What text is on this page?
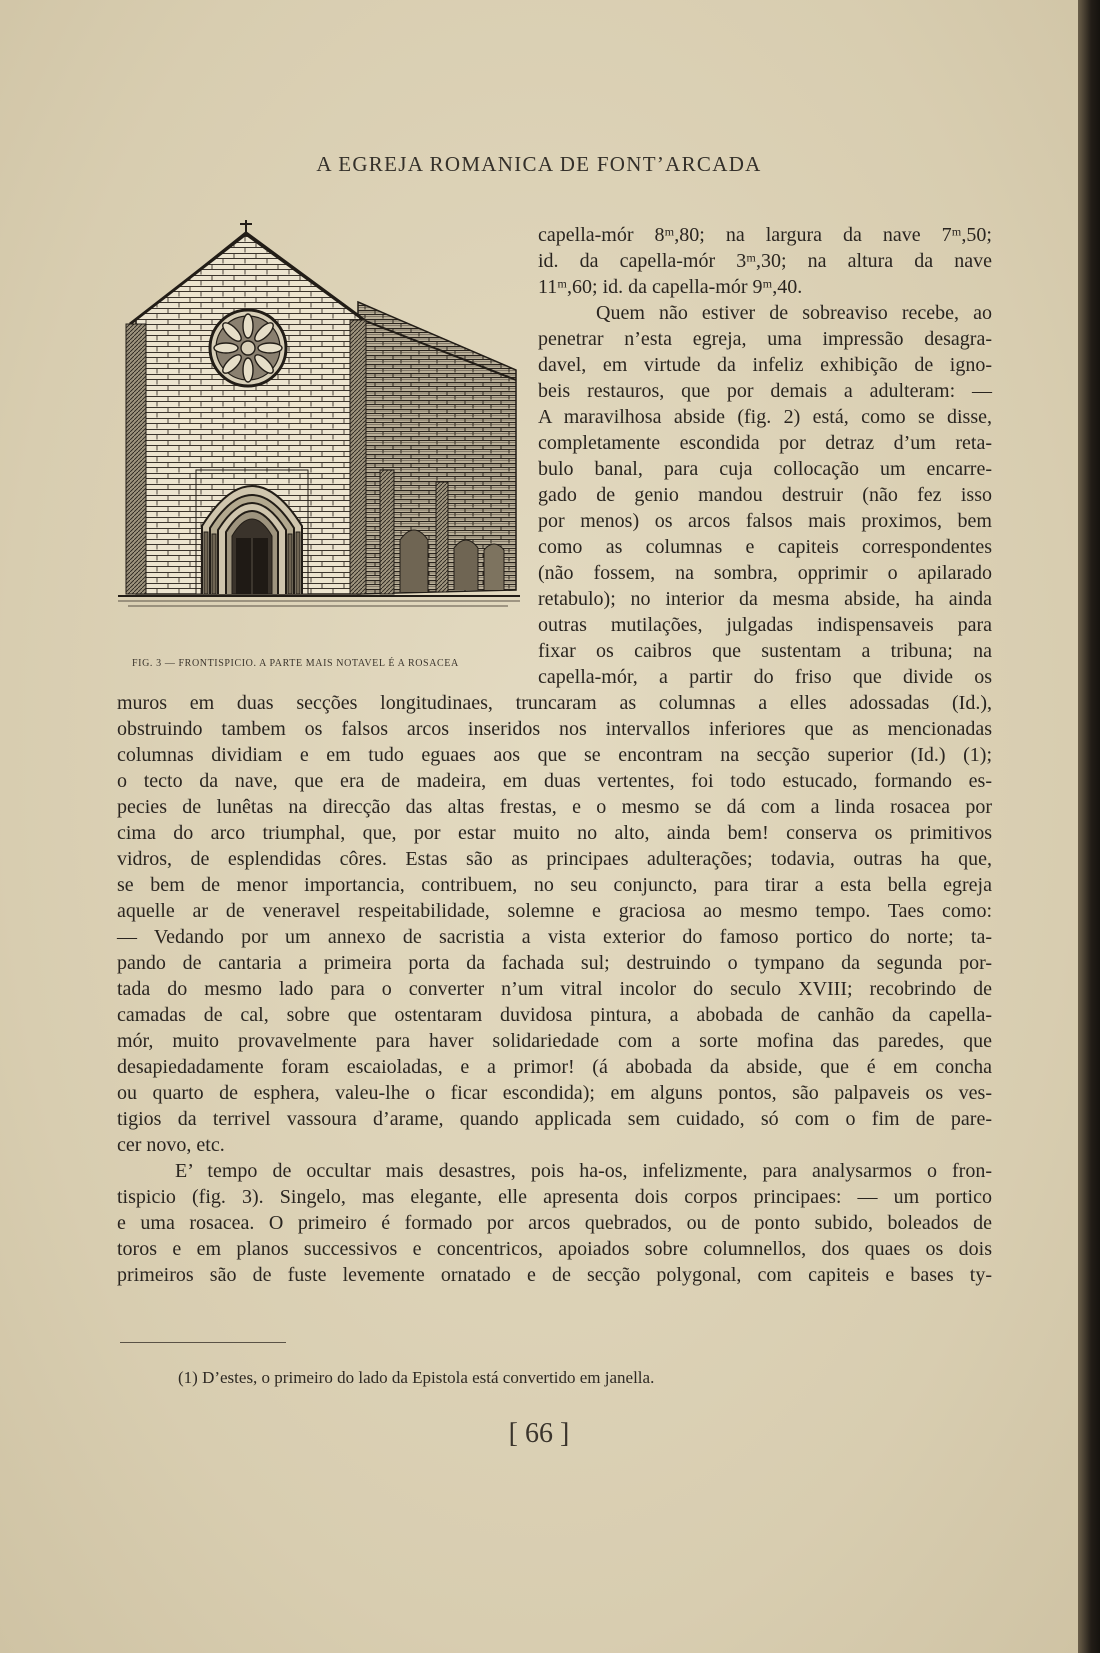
A EGREJA ROMANICA DE FONT’ARCADA
FIG. 3 — FRONTISPICIO. A PARTE MAIS NOTAVEL É A ROSACEA
capella-mór 8ᵐ,80; na largura da nave 7ᵐ,50;
id. da capella-mór 3ᵐ,30; na altura da nave
11ᵐ,60; id. da capella-mór 9ᵐ,40.
Quem não estiver de sobreaviso recebe, ao
penetrar n’esta egreja, uma impressão desagra-
davel, em virtude da infeliz exhibição de igno-
beis restauros, que por demais a adulteram: —
A maravilhosa abside (fig. 2) está, como se disse,
completamente escondida por detraz d’um reta-
bulo banal, para cuja collocação um encarre-
gado de genio mandou destruir (não fez isso
por menos) os arcos falsos mais proximos, bem
como as columnas e capiteis correspondentes
(não fossem, na sombra, opprimir o apilarado
retabulo); no interior da mesma abside, ha ainda
outras mutilações, julgadas indispensaveis para
fixar os caibros que sustentam a tribuna; na
capella-mór, a partir do friso que divide os
muros em duas secções longitudinaes, truncaram as columnas a elles adossadas (Id.),
obstruindo tambem os falsos arcos inseridos nos intervallos inferiores que as mencionadas
columnas dividiam e em tudo eguaes aos que se encontram na secção superior (Id.) (1);
o tecto da nave, que era de madeira, em duas vertentes, foi todo estucado, formando es-
pecies de lunêtas na direcção das altas frestas, e o mesmo se dá com a linda rosacea por
cima do arco triumphal, que, por estar muito no alto, ainda bem! conserva os primitivos
vidros, de esplendidas côres. Estas são as principaes adulterações; todavia, outras ha que,
se bem de menor importancia, contribuem, no seu conjuncto, para tirar a esta bella egreja
aquelle ar de veneravel respeitabilidade, solemne e graciosa ao mesmo tempo. Taes como:
— Vedando por um annexo de sacristia a vista exterior do famoso portico do norte; ta-
pando de cantaria a primeira porta da fachada sul; destruindo o tympano da segunda por-
tada do mesmo lado para o converter n’um vitral incolor do seculo XVIII; recobrindo de
camadas de cal, sobre que ostentaram duvidosa pintura, a abobada de canhão da capella-
mór, muito provavelmente para haver solidariedade com a sorte mofina das paredes, que
desapiedadamente foram escaioladas, e a primor! (á abobada da abside, que é em concha
ou quarto de esphera, valeu-lhe o ficar escondida); em alguns pontos, são palpaveis os ves-
tigios da terrivel vassoura d’arame, quando applicada sem cuidado, só com o fim de pare-
cer novo, etc.
E’ tempo de occultar mais desastres, pois ha-os, infelizmente, para analysarmos o fron-
tispicio (fig. 3). Singelo, mas elegante, elle apresenta dois corpos principaes: — um portico
e uma rosacea. O primeiro é formado por arcos quebrados, ou de ponto subido, boleados de
toros e em planos successivos e concentricos, apoiados sobre columnellos, dos quaes os dois
primeiros são de fuste levemente ornatado e de secção polygonal, com capiteis e bases ty-
(1) D’estes, o primeiro do lado da Epistola está convertido em janella.
[ 66 ]
